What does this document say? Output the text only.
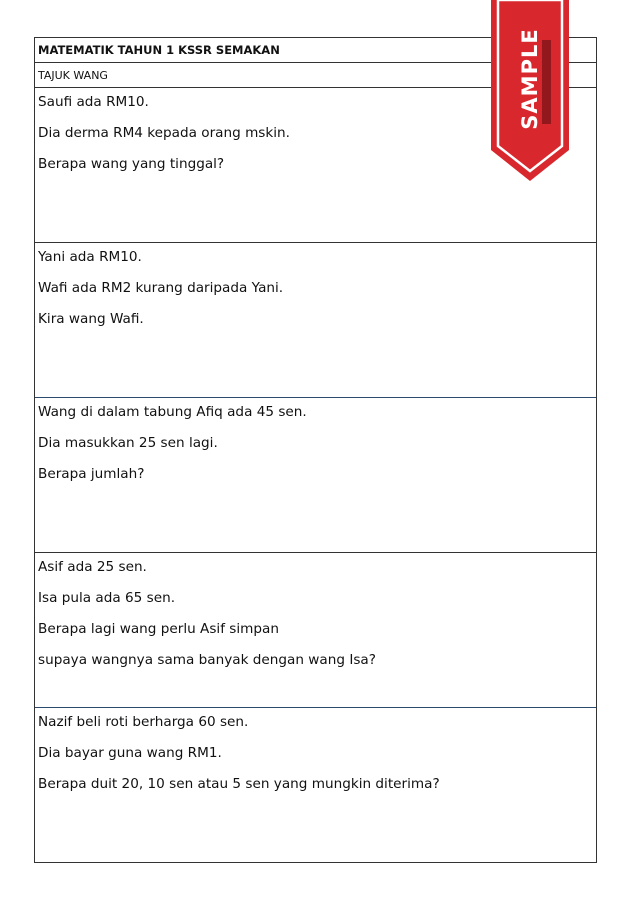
MATEMATIK TAHUN 1 KSSR SEMAKAN
TAJUK WANG
Saufi ada RM10.
Dia derma RM4 kepada orang mskin.
Berapa wang yang tinggal?
Yani ada RM10.
Wafi ada RM2 kurang daripada Yani.
Kira wang Wafi.
Wang di dalam tabung Afiq ada 45 sen.
Dia masukkan 25 sen lagi.
Berapa jumlah?
Asif ada 25 sen.
Isa pula ada 65 sen.
Berapa lagi wang perlu Asif simpan
supaya wangnya sama banyak dengan wang Isa?
Nazif beli roti berharga 60 sen.
Dia bayar guna wang RM1.
Berapa duit 20, 10 sen atau 5 sen yang mungkin diterima?
SAMPLE
